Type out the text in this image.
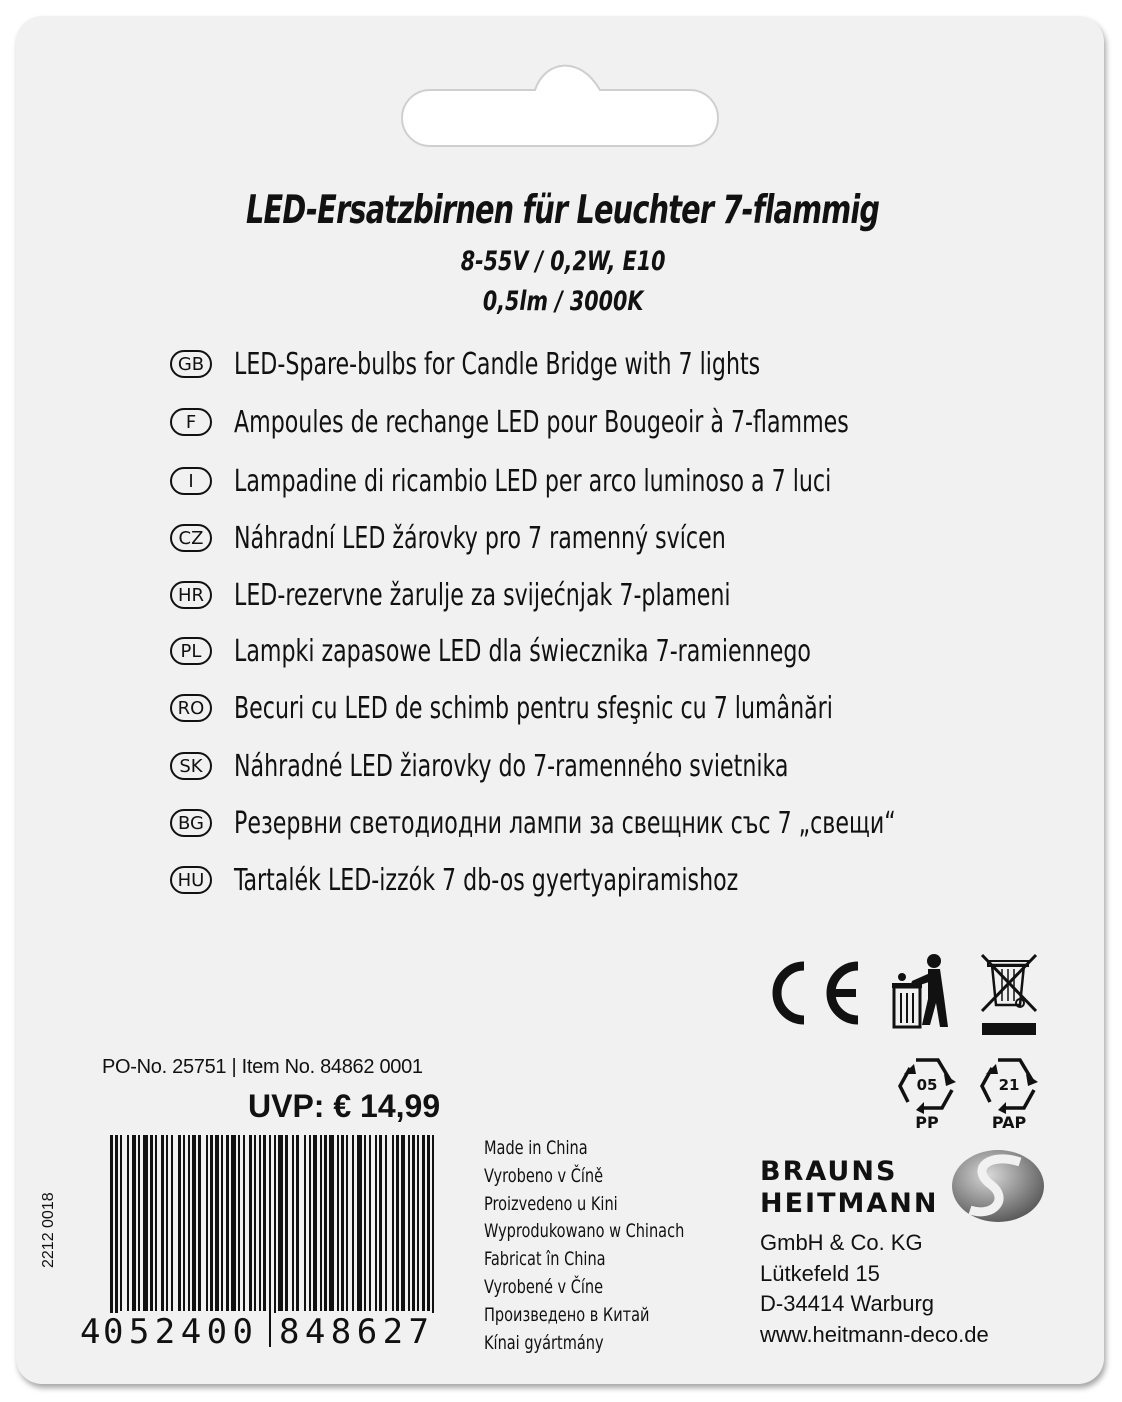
LED-Ersatzbirnen für Leuchter 7-flammig
8-55V / 0,2W, E10
0,5lm / 3000K
GB LED-Spare-bulbs for Candle Bridge with 7 lights
F	Ampoules de rechange LED pour Bougeoir à 7-flammes
I	Lampadine di ricambio LED per arco luminoso a 7 luci
CZ Náhradní LED žárovky pro 7 ramenný svícen
HR LED-rezervne žarulje za svijećnjak 7-plameni
PL	Lampki zapasowe LED dla świecznika 7-ramiennego
RO Becuri cu LED de schimb pentru sfeşnic cu 7 lumânări
SK	Náhradné LED žiarovky do 7-ramenného svietnika
BG Резервни светодиодни лампи за свещник със 7 „свещи“
HU Tartalék LED-izzók 7 db-os gyertyapiramishoz
CE
05
PP
21
PAP
PO-No. 25751 | Item No. 84862 0001
UVP: € 14,99
2212 0018
4 052400 848627
Made in China
Vyrobeno v Číně
Proizvedeno u Kini
Wyprodukowano w Chinach
Fabricat în China
Vyrobené v Číne
Произведено в Китай
Kínai gyártmány
BRAUNS
HEITMANN
GmbH & Co. KG
Lütkefeld 15
D-34414 Warburg
www.heitmann-deco.de
